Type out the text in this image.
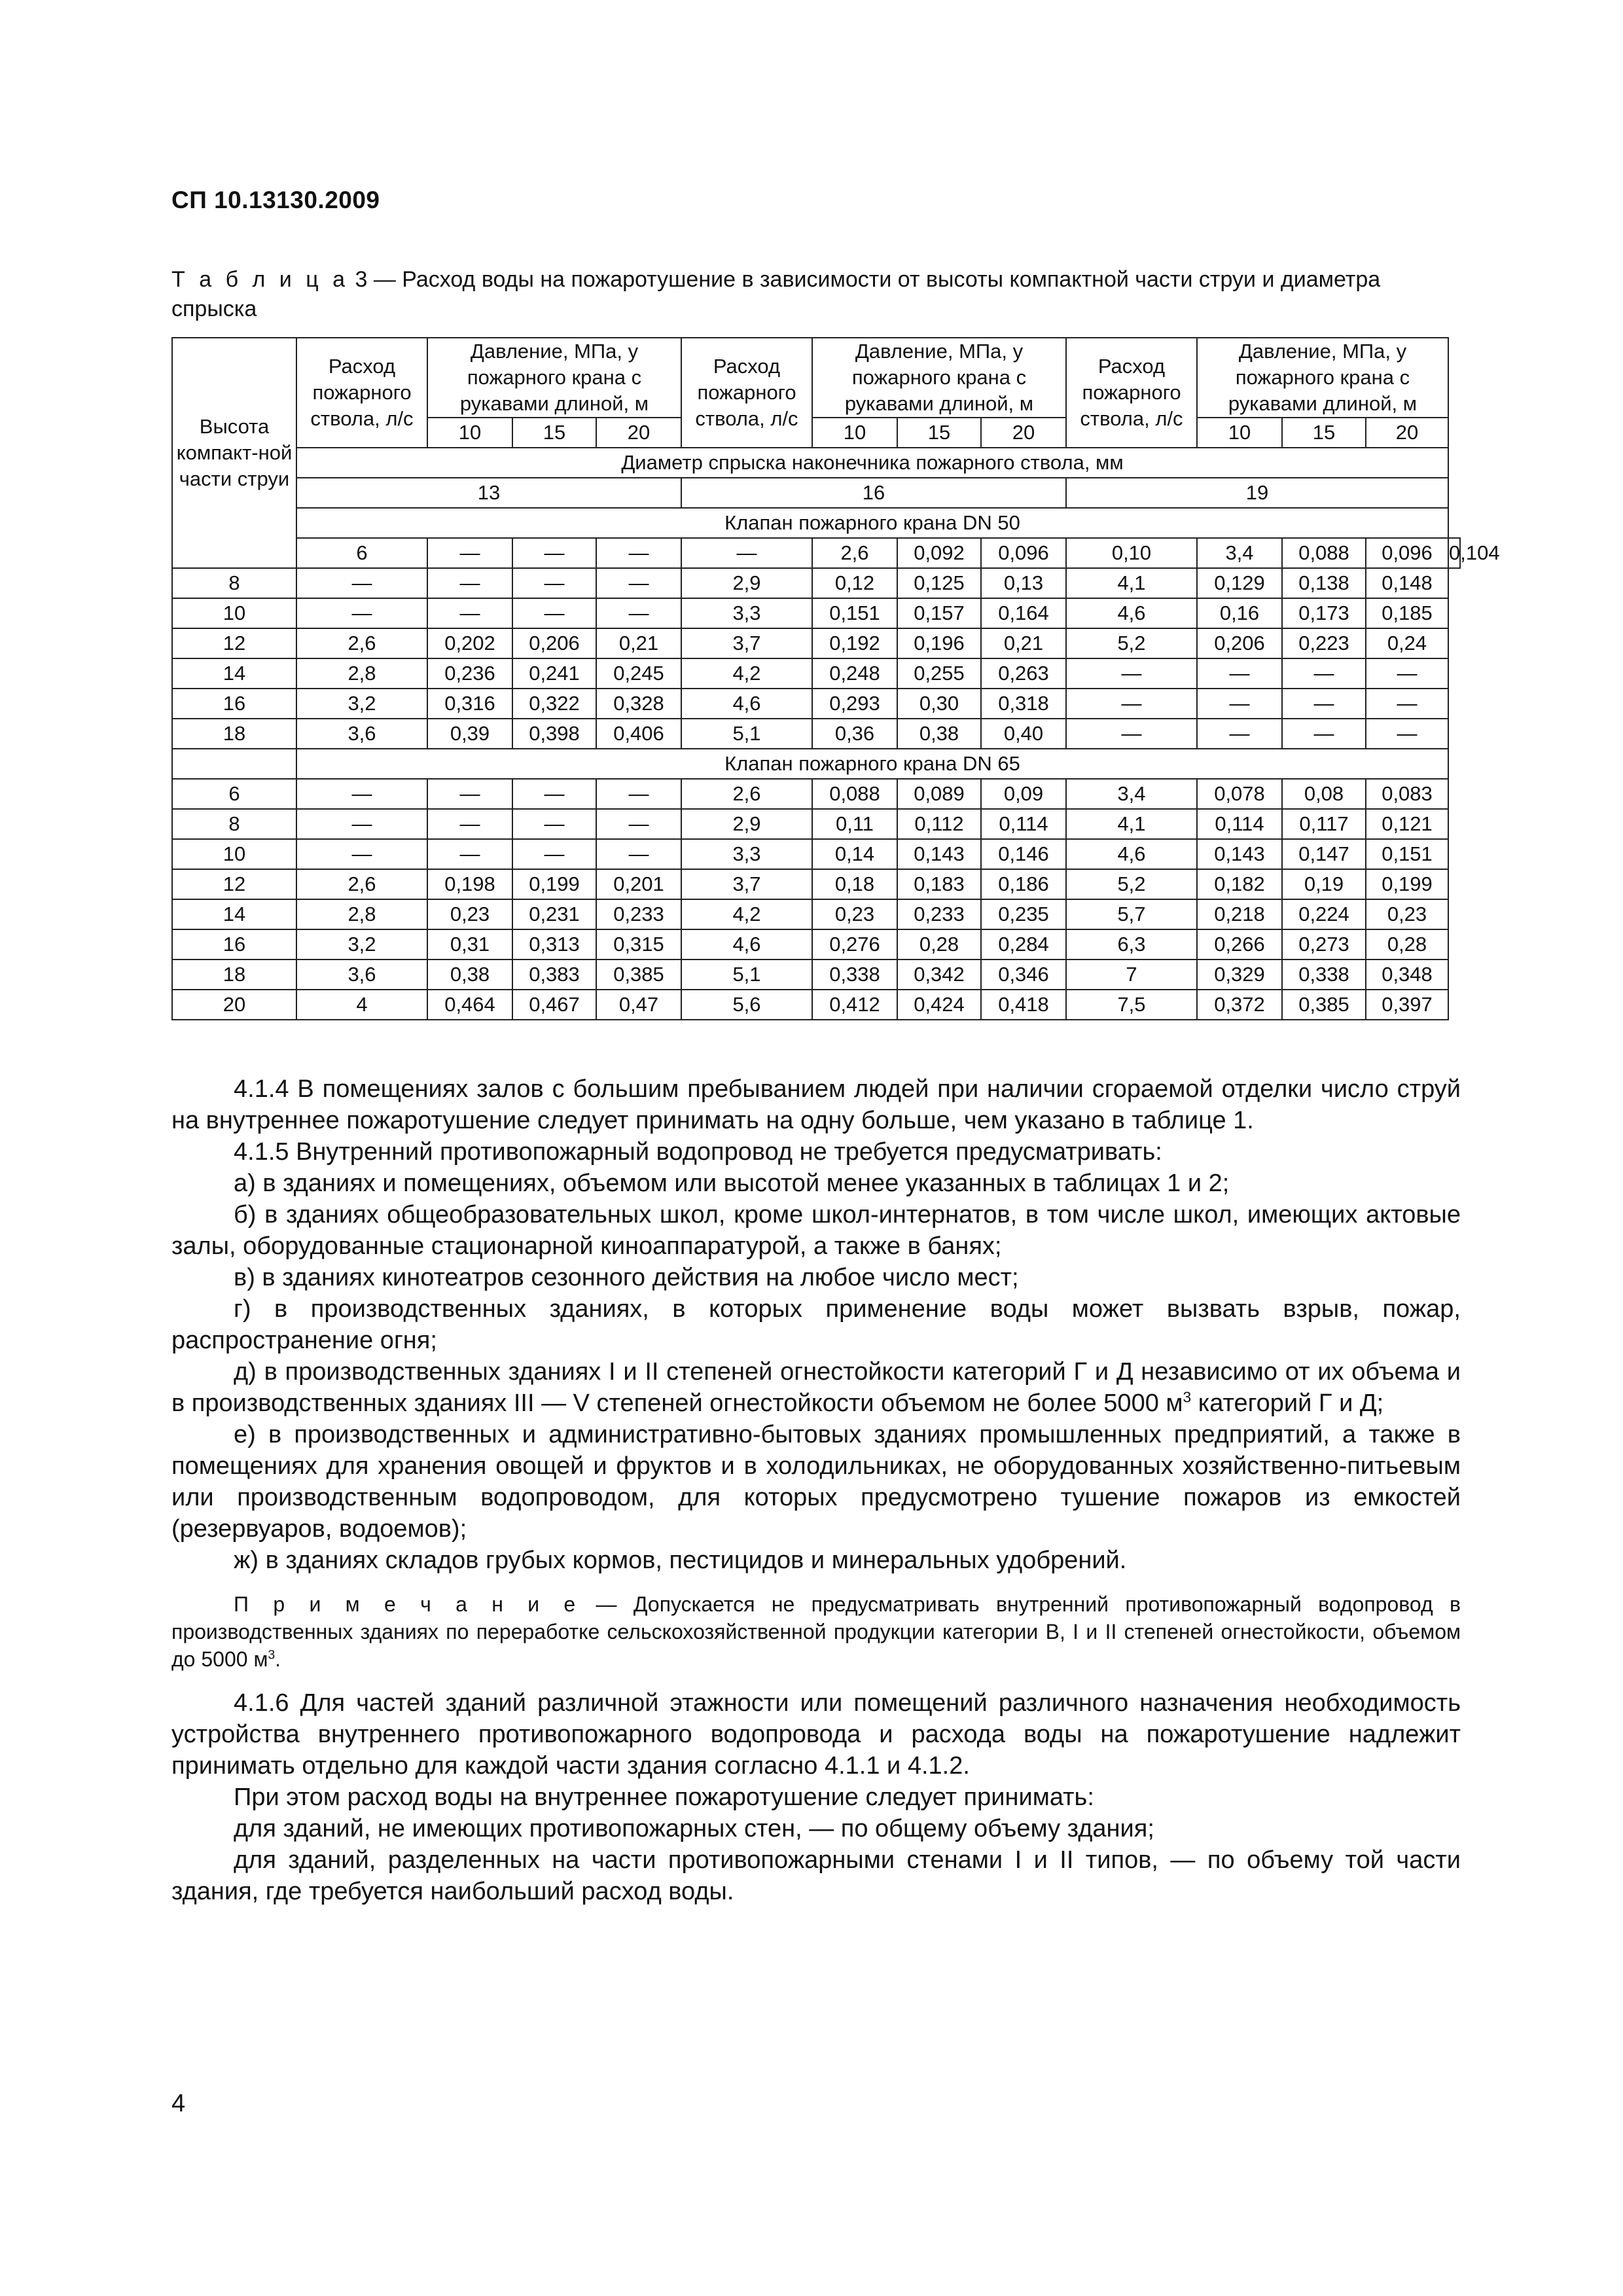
СП 10.13130.2009
Т а б л и ц а 3 — Расход воды на пожаротушение в зависимости от высоты компактной части струи и диаметра спрыска
Высота компакт-ной части струи	Расход пожарного ствола, л/с	Давление, МПа, у пожарного крана с рукавами длиной, м			Расход пожарного ствола, л/с	Давление, МПа, у пожарного крана с рукавами длиной, м			Расход пожарного ствола, л/с	Давление, МПа, у пожарного крана с рукавами длиной, м			
		10	15	20		10	15	20		10	15	20	
	Диаметр спрыска наконечника пожарного ствола, мм												
	13				16				19				
	Клапан пожарного крана DN 50												
	6	—	—	—	—	2,6	0,092	0,096	0,10	3,4	0,088	0,096	0,104
8	—	—	—	—	2,9	0,12	0,125	0,13	4,1	0,129	0,138	0,148	
10	—	—	—	—	3,3	0,151	0,157	0,164	4,6	0,16	0,173	0,185	
12	2,6	0,202	0,206	0,21	3,7	0,192	0,196	0,21	5,2	0,206	0,223	0,24	
14	2,8	0,236	0,241	0,245	4,2	0,248	0,255	0,263	—	—	—	—	
16	3,2	0,316	0,322	0,328	4,6	0,293	0,30	0,318	—	—	—	—	
18	3,6	0,39	0,398	0,406	5,1	0,36	0,38	0,40	—	—	—	—	
	Клапан пожарного крана DN 65												
6	—	—	—	—	2,6	0,088	0,089	0,09	3,4	0,078	0,08	0,083	
8	—	—	—	—	2,9	0,11	0,112	0,114	4,1	0,114	0,117	0,121	
10	—	—	—	—	3,3	0,14	0,143	0,146	4,6	0,143	0,147	0,151	
12	2,6	0,198	0,199	0,201	3,7	0,18	0,183	0,186	5,2	0,182	0,19	0,199	
14	2,8	0,23	0,231	0,233	4,2	0,23	0,233	0,235	5,7	0,218	0,224	0,23	
16	3,2	0,31	0,313	0,315	4,6	0,276	0,28	0,284	6,3	0,266	0,273	0,28	
18	3,6	0,38	0,383	0,385	5,1	0,338	0,342	0,346	7	0,329	0,338	0,348	
20	4	0,464	0,467	0,47	5,6	0,412	0,424	0,418	7,5	0,372	0,385	0,397	

4.1.4 В помещениях залов с большим пребыванием людей при наличии сгораемой отделки число струй на внутреннее пожаротушение следует принимать на одну больше, чем указано в таблице 1.

4.1.5 Внутренний противопожарный водопровод не требуется предусматривать:

а) в зданиях и помещениях, объемом или высотой менее указанных в таблицах 1 и 2;

б) в зданиях общеобразовательных школ, кроме школ-интернатов, в том числе школ, имеющих актовые залы, оборудованные стационарной киноаппаратурой, а также в банях;

в) в зданиях кинотеатров сезонного действия на любое число мест;

г) в производственных зданиях, в которых применение воды может вызвать взрыв, пожар, распространение огня;

д) в производственных зданиях I и II степеней огнестойкости категорий Г и Д независимо от их объема и в производственных зданиях III — V степеней огнестойкости объемом не более 5000 $м^3$ категорий Г и Д;

е) в производственных и административно-бытовых зданиях промышленных предприятий, а также в помещениях для хранения овощей и фруктов и в холодильниках, не оборудованных хозяйственно-питьевым или производственным водопроводом, для которых предусмотрено тушение пожаров из емкостей (резервуаров, водоемов);

ж) в зданиях складов грубых кормов, пестицидов и минеральных удобрений.

П р и м е ч а н и е — Допускается не предусматривать внутренний противопожарный водопровод в производственных зданиях по переработке сельскохозяйственной продукции категории В, I и II степеней огнестойкости, объемом до 5000 $м^3$.

4.1.6 Для частей зданий различной этажности или помещений различного назначения необходимость устройства внутреннего противопожарного водопровода и расхода воды на пожаротушение надлежит принимать отдельно для каждой части здания согласно 4.1.1 и 4.1.2.

При этом расход воды на внутреннее пожаротушение следует принимать:

для зданий, не имеющих противопожарных стен, — по общему объему здания;

для зданий, разделенных на части противопожарными стенами I и II типов, — по объему той части здания, где требуется наибольший расход воды.

4
